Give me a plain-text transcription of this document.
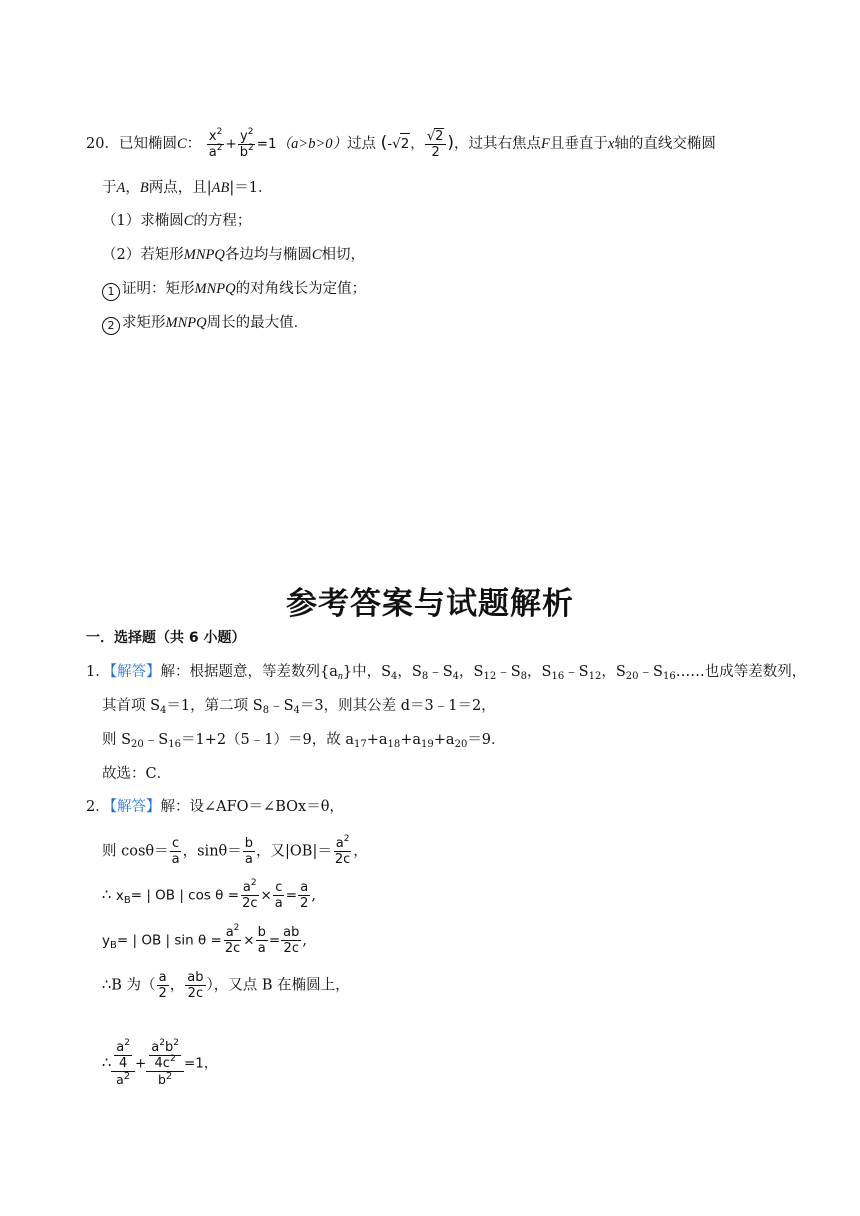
20．已知椭圆C： $\frac{x^2}{a^2} + \frac{y^2}{b^2} =1(a>b>0)$过点 (-√2， $\frac{√2}{2}$ )，过其右焦点F且垂直于x轴的直线交椭圆
于A，B两点，且|AB|＝1．
（1）求椭圆C的方程；
（2）若矩形MNPQ各边均与椭圆C相切，
1 证明：矩形MNPQ的对角线长为定值；
2 求矩形MNPQ周长的最大值．
参考答案与试题解析
一．选择题（共 6 小题）
1．【解答】解：根据题意，等差数列$\{a_n\}$中，$S_4$，$S_8﹣S_4$，$S_{12}﹣S_8$，$S_{16}﹣S_{12}$，$S_{20}﹣S_{16}\dots\dots$也成等差数列，
其首项 $S_4=1$，第二项 $S_8﹣S_4=3$，则其公差 d＝3﹣1＝2，
则 $S_{20}﹣S_{16}=1+2(5﹣1)=9$，故 $a_{17}+a_{18}+a_{19}+a_{20}=9$．
故选：C．
2．【解答】解：设∠AFO＝∠BOx＝θ，
则 $\cos\theta= \frac{c}{a}$ ，$\sin\theta= \frac{b}{a}$ ，又$|OB|= \frac{a^2}{2c}$ ，
∴ $x_B=$ | OB | $\cos \theta = \frac{a^2}{2c} \times \frac{c}{a} = \frac{a}{2}$ ,
$y_B=$ | OB | $\sin \theta = \frac{a^2}{2c} \times \frac{b}{a} = \frac{ab}{2c}$ ,
∴B 为（ $\frac{a}{2}$ ， $\frac{ab}{2c}$ ），又点 B 在椭圆上，
∴ $\frac{\frac{a^2}{4}}{a^2} + \frac{\frac{a^2b^2}{4c^2}}{b^2} =1$，
